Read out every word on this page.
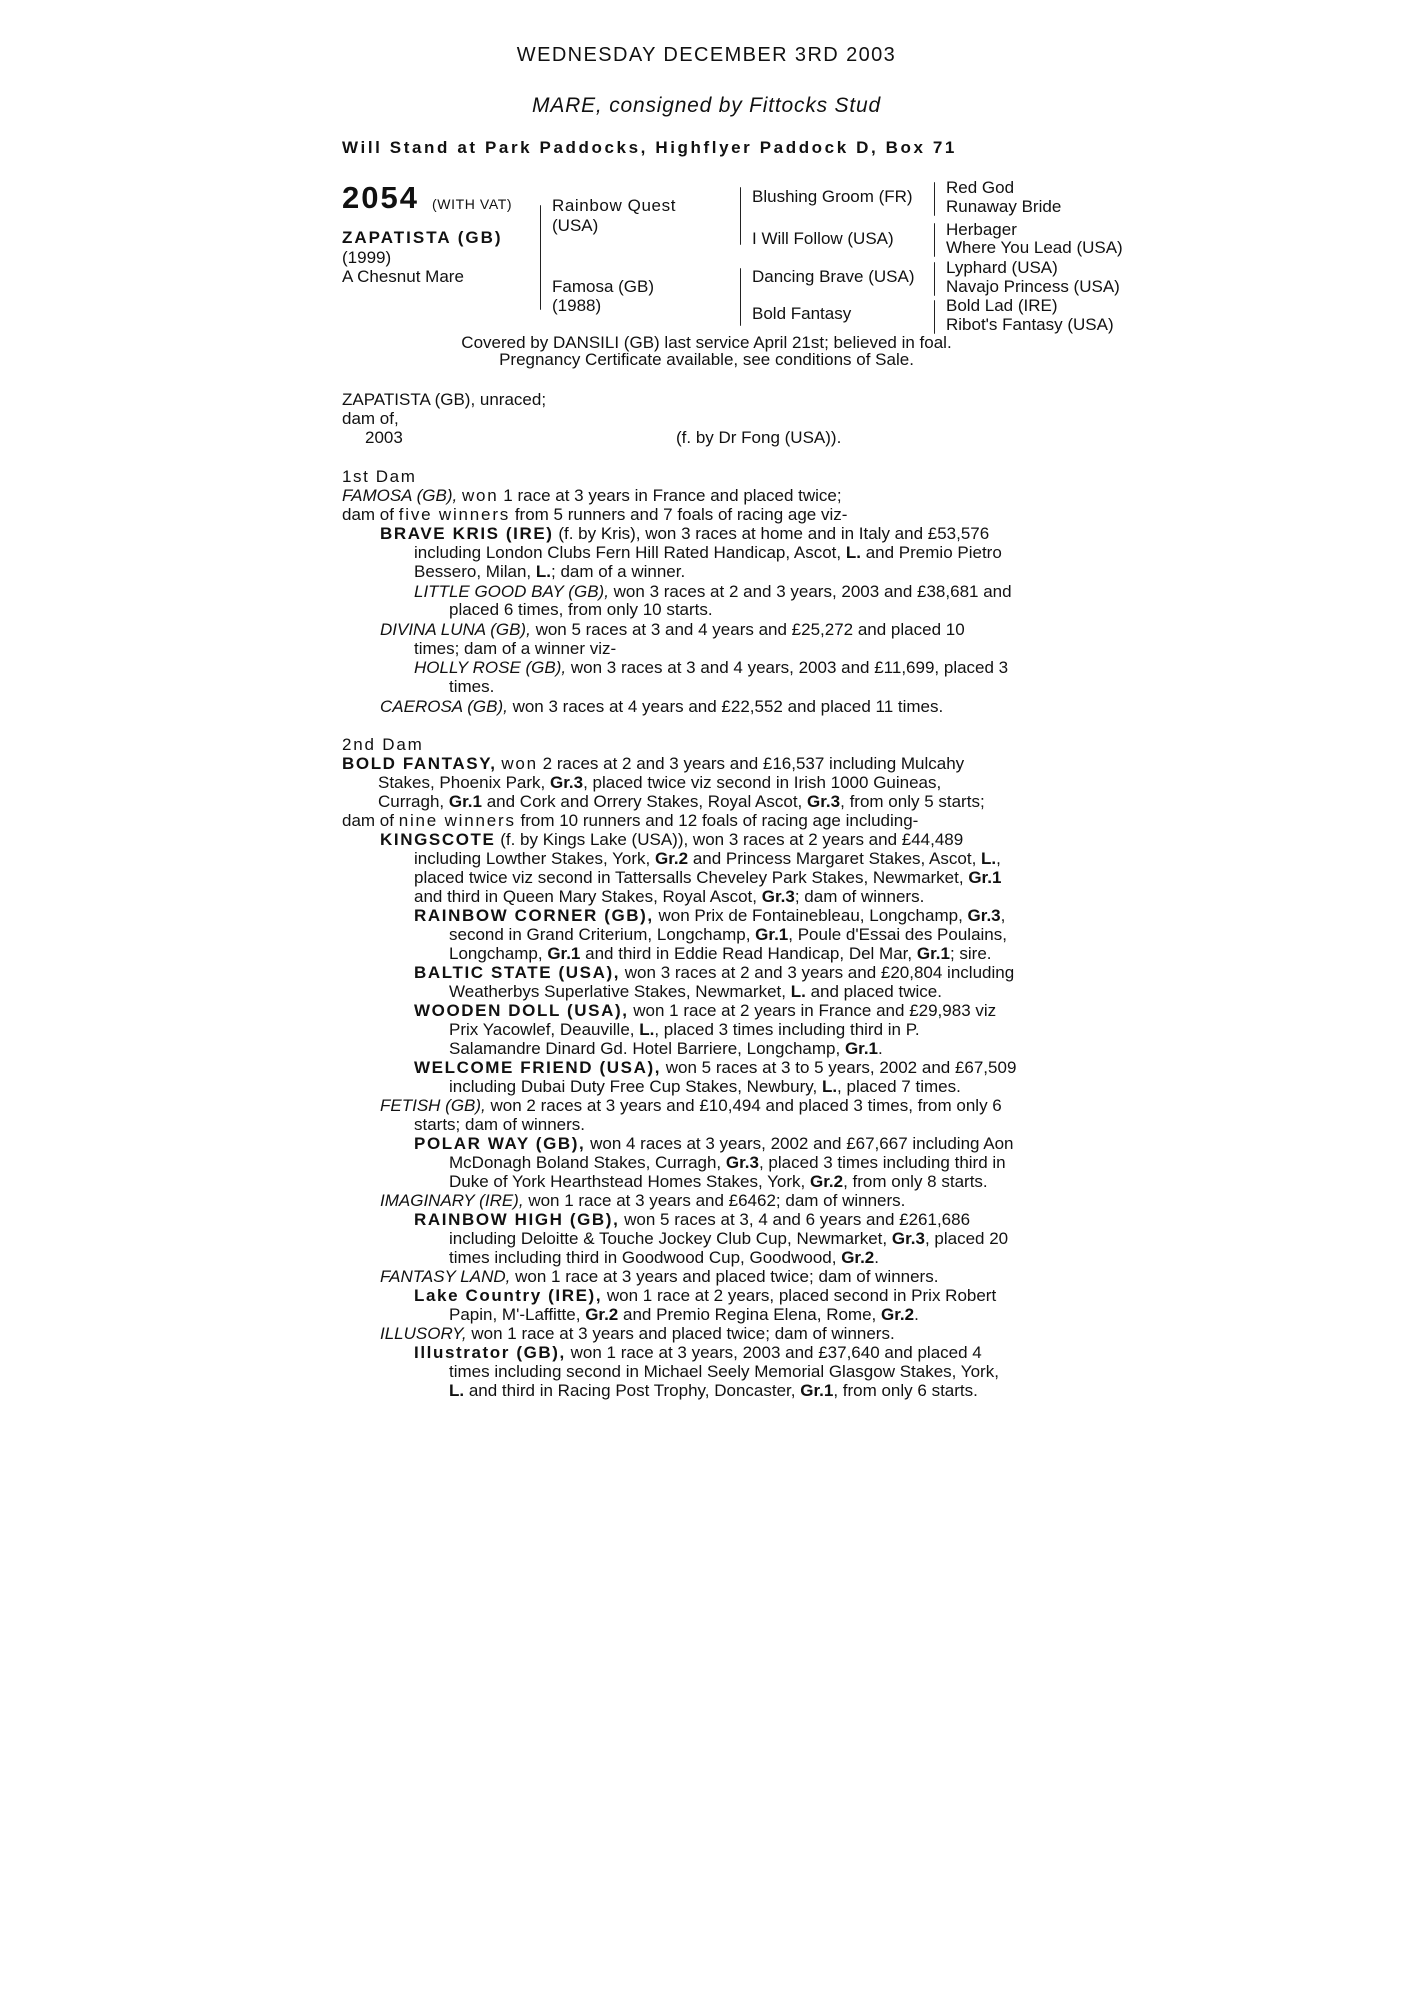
WEDNESDAY DECEMBER 3RD 2003
MARE, consigned by Fittocks Stud
Will Stand at Park Paddocks, Highflyer Paddock D, Box 71
2054 (WITH VAT)
ZAPATISTA (GB)
(1999)
A Chesnut Mare
Rainbow Quest
(USA)
Famosa (GB)
(1988)
Blushing Groom (FR)
I Will Follow (USA)
Dancing Brave (USA)
Bold Fantasy
Red God
Runaway Bride
Herbager
Where You Lead (USA)
Lyphard (USA)
Navajo Princess (USA)
Bold Lad (IRE)
Ribot's Fantasy (USA)
Covered by DANSILI (GB) last service April 21st; believed in foal.
Pregnancy Certificate available, see conditions of Sale.
ZAPATISTA (GB), unraced;
dam of,
2003	(f. by Dr Fong (USA)).
1st Dam
FAMOSA (GB), won 1 race at 3 years in France and placed twice;
dam of five winners from 5 runners and 7 foals of racing age viz-
BRAVE KRIS (IRE) (f. by Kris), won 3 races at home and in Italy and £53,576
including London Clubs Fern Hill Rated Handicap, Ascot, L. and Premio Pietro
Bessero, Milan, L.; dam of a winner.
LITTLE GOOD BAY (GB), won 3 races at 2 and 3 years, 2003 and £38,681 and
placed 6 times, from only 10 starts.
DIVINA LUNA (GB), won 5 races at 3 and 4 years and £25,272 and placed 10
times; dam of a winner viz-
HOLLY ROSE (GB), won 3 races at 3 and 4 years, 2003 and £11,699, placed 3
times.
CAEROSA (GB), won 3 races at 4 years and £22,552 and placed 11 times.
2nd Dam
BOLD FANTASY, won 2 races at 2 and 3 years and £16,537 including Mulcahy
Stakes, Phoenix Park, Gr.3, placed twice viz second in Irish 1000 Guineas,
Curragh, Gr.1 and Cork and Orrery Stakes, Royal Ascot, Gr.3, from only 5 starts;
dam of nine winners from 10 runners and 12 foals of racing age including-
KINGSCOTE (f. by Kings Lake (USA)), won 3 races at 2 years and £44,489
including Lowther Stakes, York, Gr.2 and Princess Margaret Stakes, Ascot, L.,
placed twice viz second in Tattersalls Cheveley Park Stakes, Newmarket, Gr.1
and third in Queen Mary Stakes, Royal Ascot, Gr.3; dam of winners.
RAINBOW CORNER (GB), won Prix de Fontainebleau, Longchamp, Gr.3,
second in Grand Criterium, Longchamp, Gr.1, Poule d'Essai des Poulains,
Longchamp, Gr.1 and third in Eddie Read Handicap, Del Mar, Gr.1; sire.
BALTIC STATE (USA), won 3 races at 2 and 3 years and £20,804 including
Weatherbys Superlative Stakes, Newmarket, L. and placed twice.
WOODEN DOLL (USA), won 1 race at 2 years in France and £29,983 viz
Prix Yacowlef, Deauville, L., placed 3 times including third in P.
Salamandre Dinard Gd. Hotel Barriere, Longchamp, Gr.1.
WELCOME FRIEND (USA), won 5 races at 3 to 5 years, 2002 and £67,509
including Dubai Duty Free Cup Stakes, Newbury, L., placed 7 times.
FETISH (GB), won 2 races at 3 years and £10,494 and placed 3 times, from only 6
starts; dam of winners.
POLAR WAY (GB), won 4 races at 3 years, 2002 and £67,667 including Aon
McDonagh Boland Stakes, Curragh, Gr.3, placed 3 times including third in
Duke of York Hearthstead Homes Stakes, York, Gr.2, from only 8 starts.
IMAGINARY (IRE), won 1 race at 3 years and £6462; dam of winners.
RAINBOW HIGH (GB), won 5 races at 3, 4 and 6 years and £261,686
including Deloitte & Touche Jockey Club Cup, Newmarket, Gr.3, placed 20
times including third in Goodwood Cup, Goodwood, Gr.2.
FANTASY LAND, won 1 race at 3 years and placed twice; dam of winners.
Lake Country (IRE), won 1 race at 2 years, placed second in Prix Robert
Papin, M'-Laffitte, Gr.2 and Premio Regina Elena, Rome, Gr.2.
ILLUSORY, won 1 race at 3 years and placed twice; dam of winners.
Illustrator (GB), won 1 race at 3 years, 2003 and £37,640 and placed 4
times including second in Michael Seely Memorial Glasgow Stakes, York,
L. and third in Racing Post Trophy, Doncaster, Gr.1, from only 6 starts.
